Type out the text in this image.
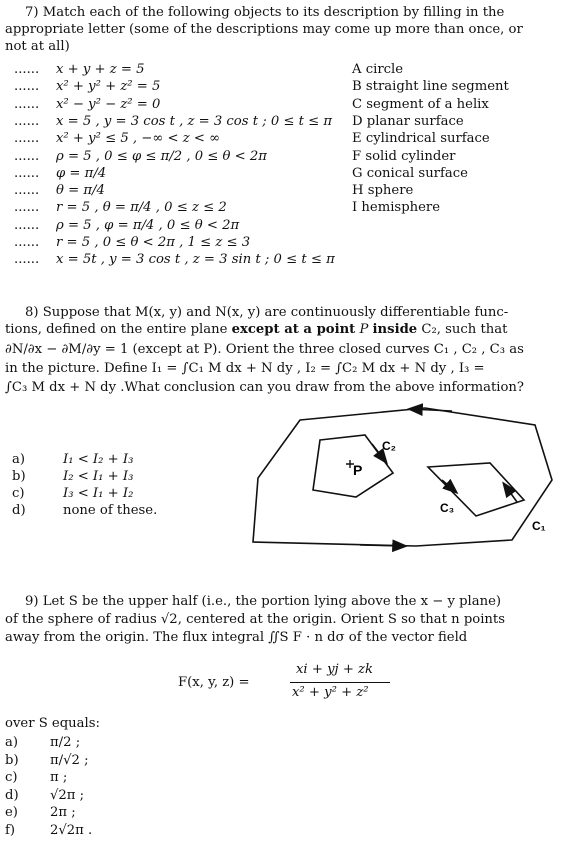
7) Match each of the following objects to its description by filling in the
appropriate letter (some of the descriptions may come up more than once, or
not at all)
...... x + y + z = 5
...... x² + y² + z² = 5
...... x² − y² − z² = 0
...... x = 5 , y = 3 cos t , z = 3 cos t ; 0 ≤ t ≤ π
...... x² + y² ≤ 5 , −∞ < z < ∞
...... ρ = 5 , 0 ≤ φ ≤ π/2 , 0 ≤ θ < 2π
...... φ = π/4
...... θ = π/4
...... r = 5 , θ = π/4 , 0 ≤ z ≤ 2
...... ρ = 5 , φ = π/4 , 0 ≤ θ < 2π
...... r = 5 , 0 ≤ θ < 2π , 1 ≤ z ≤ 3
...... x = 5t , y = 3 cos t , z = 3 sin t ; 0 ≤ t ≤ π
A circle
B straight line segment
C segment of a helix
D planar surface
E cylindrical surface
F solid cylinder
G conical surface
H sphere
I hemisphere
8) Suppose that M(x, y) and N(x, y) are continuously differentiable func-
tions, defined on the entire plane except at a point P inside C₂, such that
∂N/∂x − ∂M/∂y = 1 (except at P). Orient the three closed curves C₁ , C₂ , C₃ as
in the picture. Define I₁ = ∫C₁ M dx + N dy , I₂ = ∫C₂ M dx + N dy , I₃ =
∫C₃ M dx + N dy .What conclusion can you draw from the above information?
a)	I₁ < I₂ + I₃
b)	I₂ < I₁ + I₃
c)	I₃ < I₁ + I₂
d)	none of these.
P
C₂
C₃
C₁
9) Let S be the upper half (i.e., the portion lying above the x − y plane)
of the sphere of radius √2, centered at the origin. Orient S so that n points
away from the origin. The flux integral ∬S F · n dσ of the vector field
F(x, y, z) =
xi + yj + zk
x² + y² + z²
over S equals:
a) π/2 ;
b) π/√2 ;
c) π ;
d) √2π ;
e) 2π ;
f)	2√2π .
